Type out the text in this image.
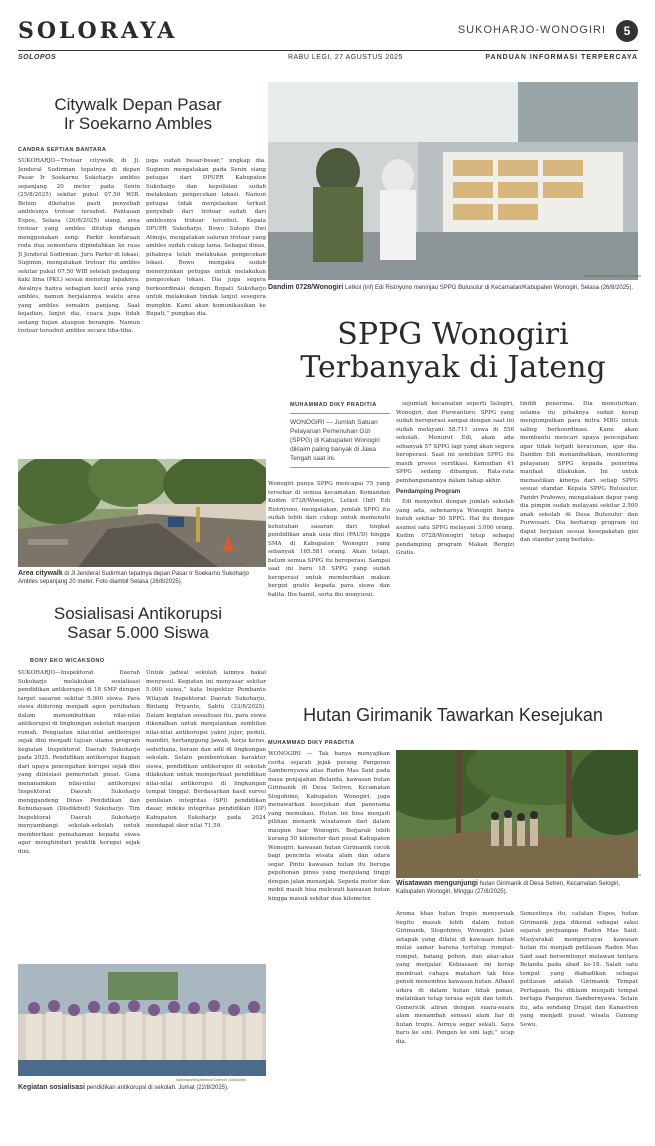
SOLORAYA	SUKOHARJO-WONOGIRI	5
SOLOPOS	RABU LEGI, 27 AGUSTUS 2025	PANDUAN INFORMASI TERPERCAYA
Citywalk Depan Pasar
Ir Soekarno Ambles
CANDRA SEPTIAN BANTARA
SUKOHARJO—Trotoar citywalk di Jl. Jenderal Sudirman tepatnya di depan Pasar Ir Soekarno Sukoharjo ambles sepanjang 20 meter pada Senin (25/8/2025) sekitar pukul 07.50 WIB. Belum diketahui pasti penyebab amblesnya trotoar tersebut. Pantauan Espos, Selasa (26/8/2025) siang, area trotoar yang ambles ditutup dengan menggunakan seng. Parkir kendaraan roda dua sementara dipindahkan ke ruas Jl Jenderal Sudirman. Juru Parkir di lokasi, Sugimin, mengatakan trotoar itu ambles sekitar pukul 07.50 WIB setelah pedagang kaki lima (PKL) sesuai menutup lapaknya. Awalnya hanya sebagian kecil area yang ambles, namun berjalannya waktu area yang ambles semakin panjang. Saat kejadian, lanjut dia, cuaca juga tidak sedang hujan ataupun berangin. Namun trotoar tersebut ambles secara tiba-tiba.
juga sudah besar-besar,” ungkap dia. Sugimin mengatakan pada Senin siang petugas dari DPUPR Kabupaten Sukoharjo dan kepolisian sudah melakukan pengecekan lokasi. Namun petugas tidak menjelaskan terkait penyebab dari trotoar sudah dari amblesnya trotoar tersebut. Kepala DPUPR Sukoharjo, Bowo Sutopo Dwi Atmojo, mengatakan saluran trotoar yang ambles sudah cukup lama. Sebagai dinas, pihaknya telah melakukan pengecekan lokasi. Bowo mengaku sudah menerjunkan petugas untuk melakukan pengecekan lokasi. Dia juga segera berkoordinasi dengan Bupati Sukoharjo untuk melakukan tindak lanjut sesegera mungkin. Kami akan komunikasikan ke Bupati,” pungkas dia.
Espos/Candra Septian Bantara
Area citywalk di Jl Jenderal Sudirman tepatnya depan Pasar Ir Soekarno Sukoharjo Ambles sepanjang 20 meter. Foto diambil Selasa (26/8/2025).
Sosialisasi Antikorupsi
Sasar 5.000 Siswa
BONY EKO WICAKSONO
SUKOHARJO—Inspektorat Daerah Sukoharjo melakukan sosialisasi pendidikan antikorupsi di 18 SMP dengan target sasaran sekitar 5.000 siswa. Para siswa didorong menjadi agen perubahan dalam menumbuhkan nilai-nilai antikorupsi di lingkungan sekolah maupun rumah. Penguatan nilai-nilai antikorupsi sejak dini menjadi tujuan utama program kegiatan Inspektorat Daerah Sukoharjo pada 2025. Pendidikan antikorupsi bagian dari upaya pencegahan korupsi sejak dini yang diinisiasi pemerintah pusat. Guna menanamkan nilai-nilai antikorupsi Inspektorat Daerah Sukoharjo menggandeng Dinas Pendidikan dan Kebudayaan (Disdikbud) Sukoharjo. Tim Inspektorat Daerah Sukoharjo menyambangi sekolah-sekolah untuk memberikan pemahaman kepada siswa agar menghindari praktik korupsi sejak dini.
Untuk jadwal sekolah lainnya bakal menyusul. Kegiatan ini menyasar sekitar 5.000 siswa,” kata Inspektur Pembantu Wilayah Inspektorat Daerah Sukoharjo, Bintang Priyanto, Sabtu (23/8/2025). Dalam kegiatan sosialisasi itu, para siswa dikenalkan untuk menjalankan sembilan nilai-nilai antikorupsi yakni jujur, peduli, mandiri, bertanggung jawab, kerja keras, sederhana, berani dan adil di lingkungan sekolah. Selain pembentukan karakter siswa, pendidikan antikorupsi di sekolah dilakukan untuk memperkuat pendidikan nilai-nilai antikorupsi di lingkungan tempat tinggal. Berdasarkan hasil survei penilaian integritas (SPI) pendidikan dasar, indeks integritas pendidikan (IIP) Kabupaten Sukoharjo pada 2024 mendapat skor nilai 71,59.
Istimewa/Inspektorat Daerah Sukoharjo
Kegiatan sosialisasi pendidikan antikorupsi di sekolah. Jumat (22/8/2025).
Espos/Muhammad Diky Praditia
Dandim 0728/Wonogiri Letkol (Inf) Edi Ristriyono meninjau SPPG Bulusulur di Kecamatan/Kabupaten Wonogiri, Selasa (26/8/2025).
SPPG Wonogiri
Terbanyak di Jateng
MUHAMMAD DIKY PRADITIA
WONOGIRI — Jumlah Satuan Pelayanan Pemenuhan Gizi (SPPG) di Kabupaten Wonogiri diklaim paling banyak di Jawa Tengah saat ini.
Wonogiri punya SPPG mencapai 75 yang tersebar di semua kecamatan. Komandan Kodim 0728/Wonogiri, Letkol (Inf) Edi Ristriyono, mengatakan, jumlah SPPG itu sudah lebih dari cukup untuk memenuhi kebutuhan sasaran dari tingkat pendidikan anak usia dini (PAUD) hingga SMA di Kabupaten Wonogiri yang sebanyak 165.581 orang. Akan tetapi, belum semua SPPG itu beroperasi. Sampai saat ini baru 18 SPPG yang sudah beroperasi untuk memberikan makan bergizi gratis kepada para siswa dan balita. Ibu hamil, serta ibu menyusui.

sejumlah kecamatan seperti Selogiri, Wonogiri, dan Purwantoro. SPPG yang sudah beroperasi sampai dengan saat ini sudah melayani 58.711 siswa di 556 sekolah. Menurut Edi, akan ada sebanyak 57 SPPG lagi yang akan segera beroperasi. Saat ini sembilan SPPG itu masih proses verifikasi. Kemudian 41 SPPG sedang dibangun. Rata-rata pembangunannya dalam tahap akhir.

Pendamping Program

Edi menyebut dengan jumlah sekolah yang ada, sebenarnya Wonogiri hanya butuh sekitar 50 SPPG. Hal itu dengan asumsi satu SPPG melayani 3.000 orang. Kodim 0728/Wonogiri tetap sebagai pendamping program Makan Bergizi Gratis.

tindih penerima. Dia menuturkan, selama ini pihaknya sudah kerap mengumpulkan para mitra MBG untuk saling berkoordinasi. Kami akan membantu mencari upaya pencegahan agar tidak terjadi keracunan, ujar dia. Dandim Edi menambahkan, monitoring pelayanan SPPG kepada penerima manfaat dilakukan. Ini untuk memastikan kinerja dari setiap SPPG sesuai standar. Kepala SPPG Bulusulur, Pandri Prabowo, mengatakan dapur yang dia pimpin sudah melayani sekitar 2.500 anak sekolah di Desa Bulusulur dan Purwosari. Dia berharap program ini dapat berjalan sesuai kesepakatan gizi dan standar yang berlaku.
Hutan Girimanik Tawarkan Kesejukan
MUHAMMAD DIKY PRADITIA
WONOGIRI — Tak hanya menyajikan cerita sejarah jejak perang Pangeran Sambernyawa alias Raden Mas Said pada masa penjajahan Belanda, kawasan hutan Girimanik di Desa Setren, Kecamatan Slogohimo, Kabupaten Wonogiri, juga menawarkan kesejukan dan panorama yang memukau. Hutan ini bisa menjadi pilihan menarik wisatawan dari dalam maupun luar Wonogiri. Berjarak lebih kurang 50 kilometer dari pusat Kabupaten Wonogiri, kawasan hutan Girimanik cocok bagi pencinta wisata alam dan udara segar. Pintu kawasan hutan itu berupa pepohonan pinus yang menjulang tinggi dengan jalan menanjak. Sepeda motor dan mobil masih bisa melewati kawasan hutan hingga masuk sekitar dua kilometer.
Espos/Muhammad Diky Praditia
Wisatawan mengunjungi hutan Girimanik di Desa Setren, Kecamatan Selogiri, Kabupaten Wonogiri, Minggu (27/8/2025).
Aroma khas hutan tropis menyeruak begitu masuk lebih dalam hutan Girimanik, Slogohimo, Wonogiri. Jalan setapak yang dilalui di kawasan hutan mulai samar karena tertutup rumput-rumput, batang pohon, dan akar-akar yang menjalar. Kebiasaan ini kerap membuat cahaya matahari tak bisa penuh menembus kawasan hutan. Alhasil udara di dalam hutan tidak panas, melainkan tetap terasa sejuk dan teduh. Gemericik aliran dengan suara-suara alam menambah sensasi alam liar di hutan tropis. Airnya segar sekali. Saya baru ke sini. Pengen ke sini lagi,” ucap dia.
Semestinya itu, catatan Espos, hutan Girimanik juga dikenal sebagai saksi sejarah perjuangan Raden Mas Said. Masyarakat mempercayai kawasan hutan itu menjadi petilasan Raden Mas Said saat bersembunyi melawan tentara Belanda pada abad ke-18. Salah satu tempat yang diabadikan sebagai petilasan adalah Girimanik Tempat Pertapaan. Itu diklaim menjadi tempat bertapa Pangeran Sambernyawa. Selain itu, ada sendang Drajat dan Kanastren yang menjadi pusat wisata Gunung Sewu.
